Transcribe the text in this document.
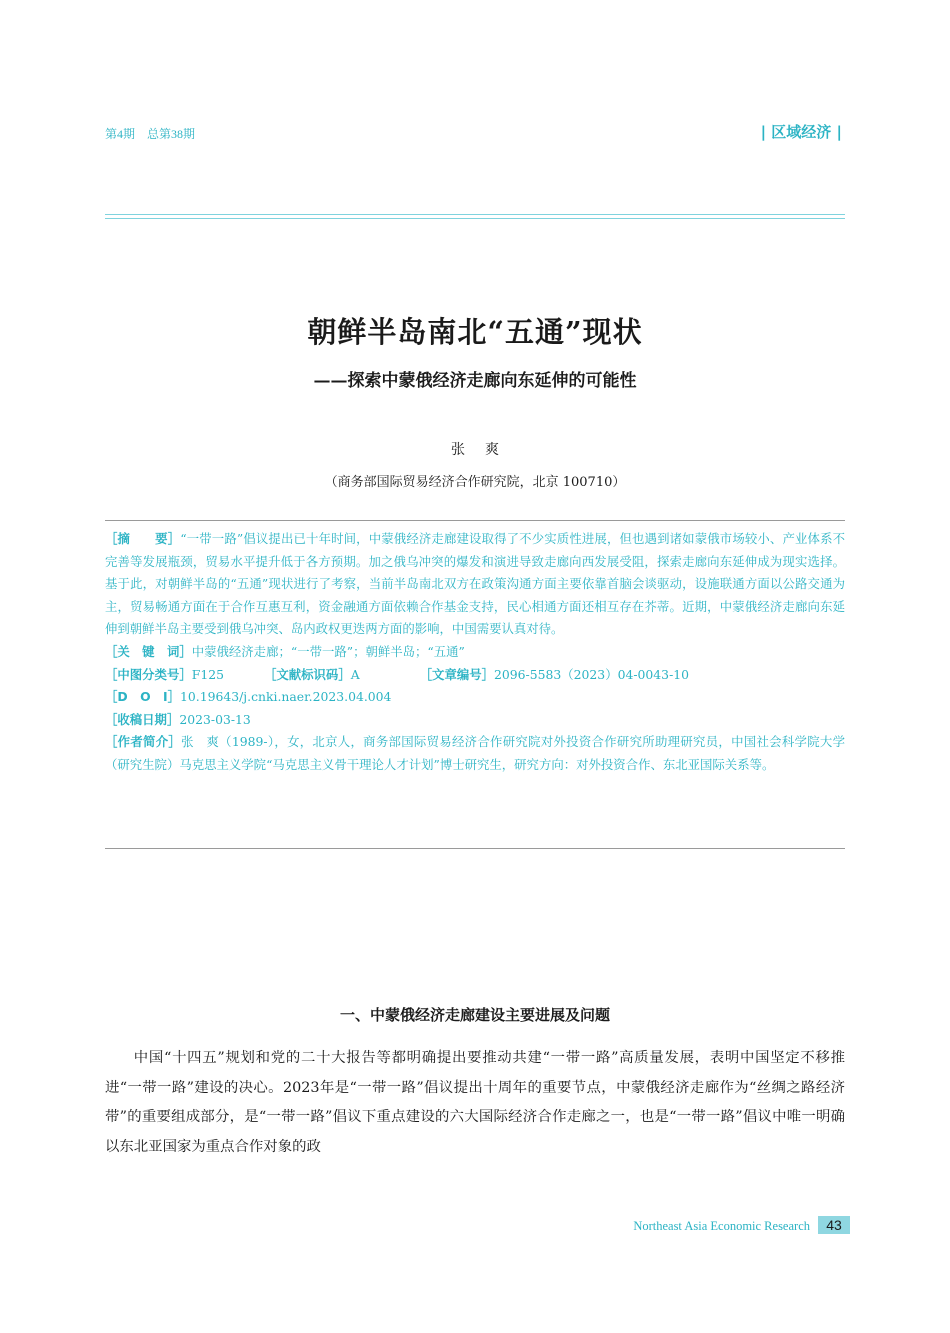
第4期　总第38期	| 区域经济 |
朝鲜半岛南北“五通”现状
——探索中蒙俄经济走廊向东延伸的可能性
张爽
（商务部国际贸易经济合作研究院，北京 100710）

［摘　　要］“一带一路”倡议提出已十年时间，中蒙俄经济走廊建设取得了不少实质性进展，但也遇到诸如蒙俄市场较小、产业体系不完善等发展瓶颈，贸易水平提升低于各方预期。加之俄乌冲突的爆发和演进导致走廊向西发展受阻，探索走廊向东延伸成为现实选择。基于此，对朝鲜半岛的“五通”现状进行了考察，当前半岛南北双方在政策沟通方面主要依靠首脑会谈驱动，设施联通方面以公路交通为主，贸易畅通方面在于合作互惠互利，资金融通方面依赖合作基金支持，民心相通方面还相互存在芥蒂。近期，中蒙俄经济走廊向东延伸到朝鲜半岛主要受到俄乌冲突、岛内政权更迭两方面的影响，中国需要认真对待。

［关　键　词］中蒙俄经济走廊；“一带一路”；朝鲜半岛；“五通”

［中图分类号］F125	［文献标识码］A	［文章编号］2096-5583（2023）04-0043-10

［D　O　I］10.19643/j.cnki.naer.2023.04.004

［收稿日期］2023-03-13

［作者简介］张　爽（1989-），女，北京人，商务部国际贸易经济合作研究院对外投资合作研究所助理研究员，中国社会科学院大学（研究生院）马克思主义学院“马克思主义骨干理论人才计划”博士研究生，研究方向：对外投资合作、东北亚国际关系等。

一、中蒙俄经济走廊建设主要进展及问题
中国“十四五”规划和党的二十大报告等都明确提出要推动共建“一带一路”高质量发展，表明中国坚定不移推进“一带一路”建设的决心。2023年是“一带一路”倡议提出十周年的重要节点，中蒙俄经济走廊作为“丝绸之路经济带”的重要组成部分，是“一带一路”倡议下重点建设的六大国际经济合作走廊之一，也是“一带一路”倡议中唯一明确以东北亚国家为重点合作对象的政
Northeast Asia Economic Research	43
